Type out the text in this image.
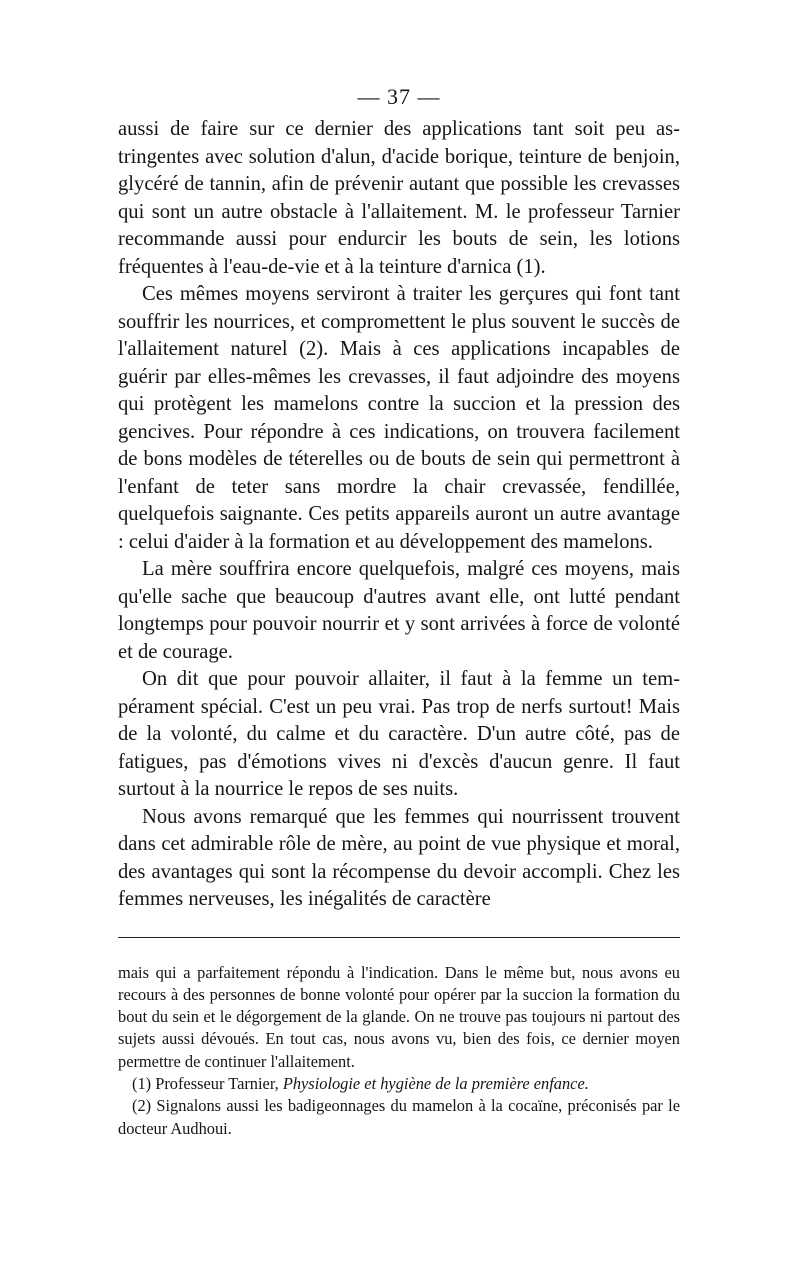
— 37 —

aussi de faire sur ce dernier des applications tant soit peu astringentes avec solution d'alun, d'acide borique, teinture de benjoin, glycéré de tannin, afin de prévenir autant que possible les crevasses qui sont un autre obstacle à l'allaitement. M. le professeur Tarnier recommande aussi pour endurcir les bouts de sein, les lotions fréquentes à l'eau-de-vie et à la teinture d'arnica (1).

Ces mêmes moyens serviront à traiter les gerçures qui font tant souffrir les nourrices, et compromettent le plus souvent le succès de l'allaitement naturel (2). Mais à ces applications incapables de guérir par elles-mêmes les crevasses, il faut adjoindre des moyens qui protègent les mamelons contre la succion et la pression des gencives. Pour répondre à ces indications, on trouvera facilement de bons modèles de téterelles ou de bouts de sein qui permettront à l'enfant de teter sans mordre la chair crevassée, fendillée, quelquefois saignante. Ces petits appareils auront un autre avantage : celui d'aider à la formation et au développement des mamelons.

La mère souffrira encore quelquefois, malgré ces moyens, mais qu'elle sache que beaucoup d'autres avant elle, ont lutté pendant longtemps pour pouvoir nourrir et y sont arrivées à force de volonté et de courage.

On dit que pour pouvoir allaiter, il faut à la femme un tempérament spécial. C'est un peu vrai. Pas trop de nerfs surtout! Mais de la volonté, du calme et du caractère. D'un autre côté, pas de fatigues, pas d'émotions vives ni d'excès d'aucun genre. Il faut surtout à la nourrice le repos de ses nuits.

Nous avons remarqué que les femmes qui nourrissent trouvent dans cet admirable rôle de mère, au point de vue physique et moral, des avantages qui sont la récompense du devoir accompli. Chez les femmes nerveuses, les inégalités de caractère

mais qui a parfaitement répondu à l'indication. Dans le même but, nous avons eu recours à des personnes de bonne volonté pour opérer par la succion la formation du bout du sein et le dégorgement de la glande. On ne trouve pas toujours ni partout des sujets aussi dévoués. En tout cas, nous avons vu, bien des fois, ce dernier moyen permettre de continuer l'allaitement.

(1) Professeur Tarnier, Physiologie et hygiène de la première enfance.

(2) Signalons aussi les badigeonnages du mamelon à la cocaïne, préconisés par le docteur Audhoui.
